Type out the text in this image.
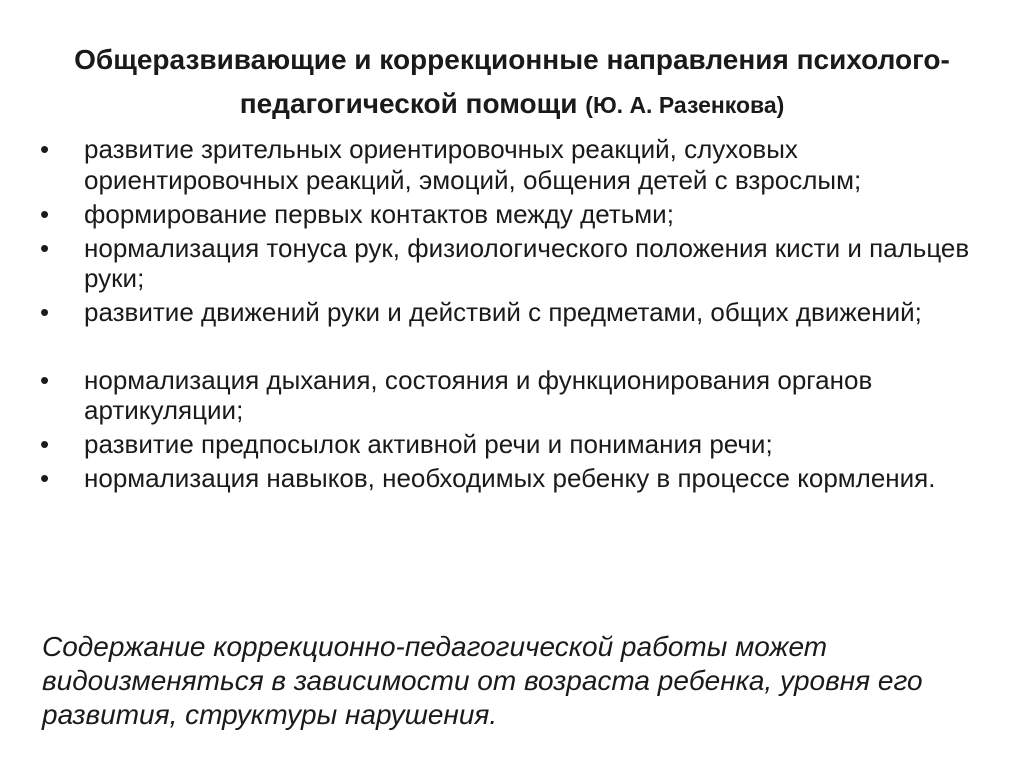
Общеразвивающие и коррекционные направления психолого-педагогической помощи (Ю. А. Разенкова)
•	развитие зрительных ориентировочных реакций, слуховых ориентировочных реакций, эмоций, общения детей с взрослым;
•	формирование первых контактов между детьми;
•	нормализация тонуса рук, физиологического положения кисти и пальцев руки;
•	развитие движений руки и действий с предметами, общих движений;
•	нормализация дыхания, состояния и функционирования органов артикуляции;
•	развитие предпосылок активной речи и понимания речи;
•	нормализация навыков, необходимых ребенку в процессе кормления.
Содержание коррекционно-педагогической работы может видоизменяться в зависимости от возраста ребенка, уровня его развития, структуры нарушения.
